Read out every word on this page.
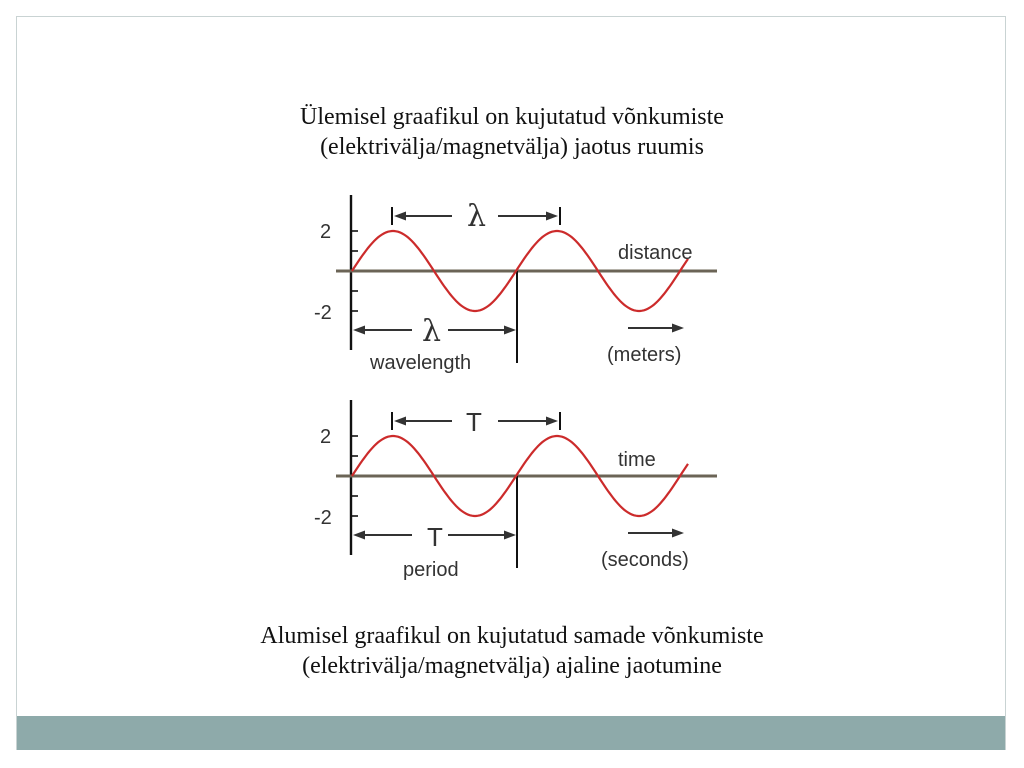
Ülemisel graafikul on kujutatud võnkumiste
(elektrivälja/magnetvälja) jaotus ruumis
2
-2
λ
λ
distance
(meters)
wavelength
2
-2
T
T
time
(seconds)
period
Alumisel graafikul on kujutatud samade võnkumiste
(elektrivälja/magnetvälja) ajaline jaotumine
